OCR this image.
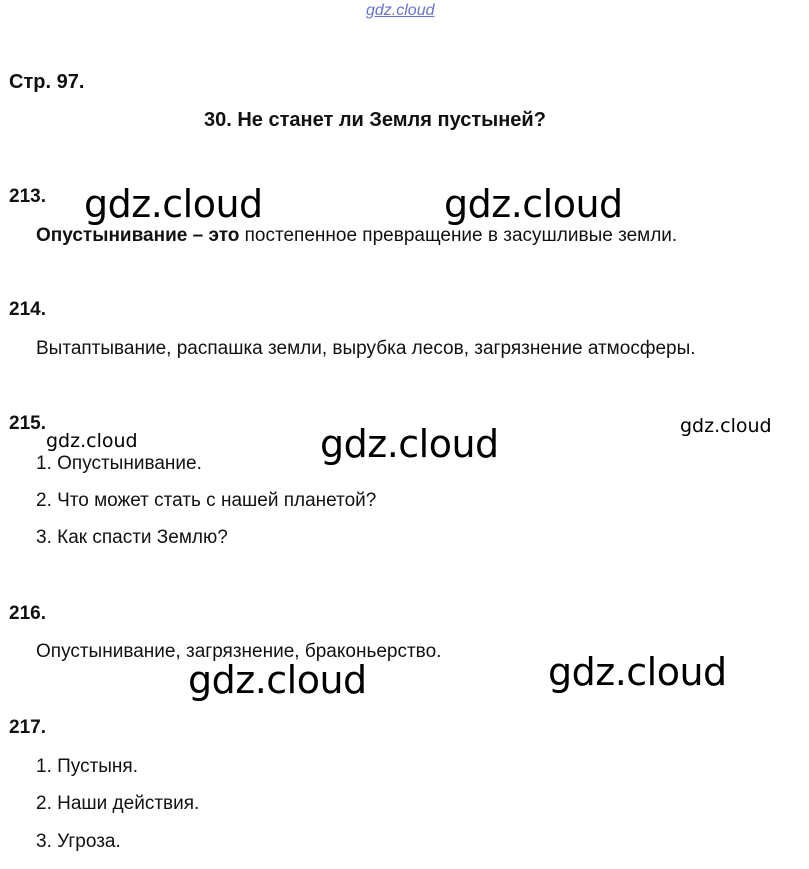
gdz.cloud
Стр. 97.
30. Не станет ли Земля пустыней?
213.
Опустынивание – это постепенное превращение в засушливые земли.
214.
Вытаптывание, распашка земли, вырубка лесов, загрязнение атмосферы.
215.
1. Опустынивание.
2. Что может стать с нашей планетой?
3. Как спасти Землю?
216.
Опустынивание, загрязнение, браконьерство.
217.
1. Пустыня.
2. Наши действия.
3. Угроза.
gdz.cloud	gdz.cloud
gdz.cloud	gdz.cloud	gdz.cloud
gdz.cloud	gdz.cloud
